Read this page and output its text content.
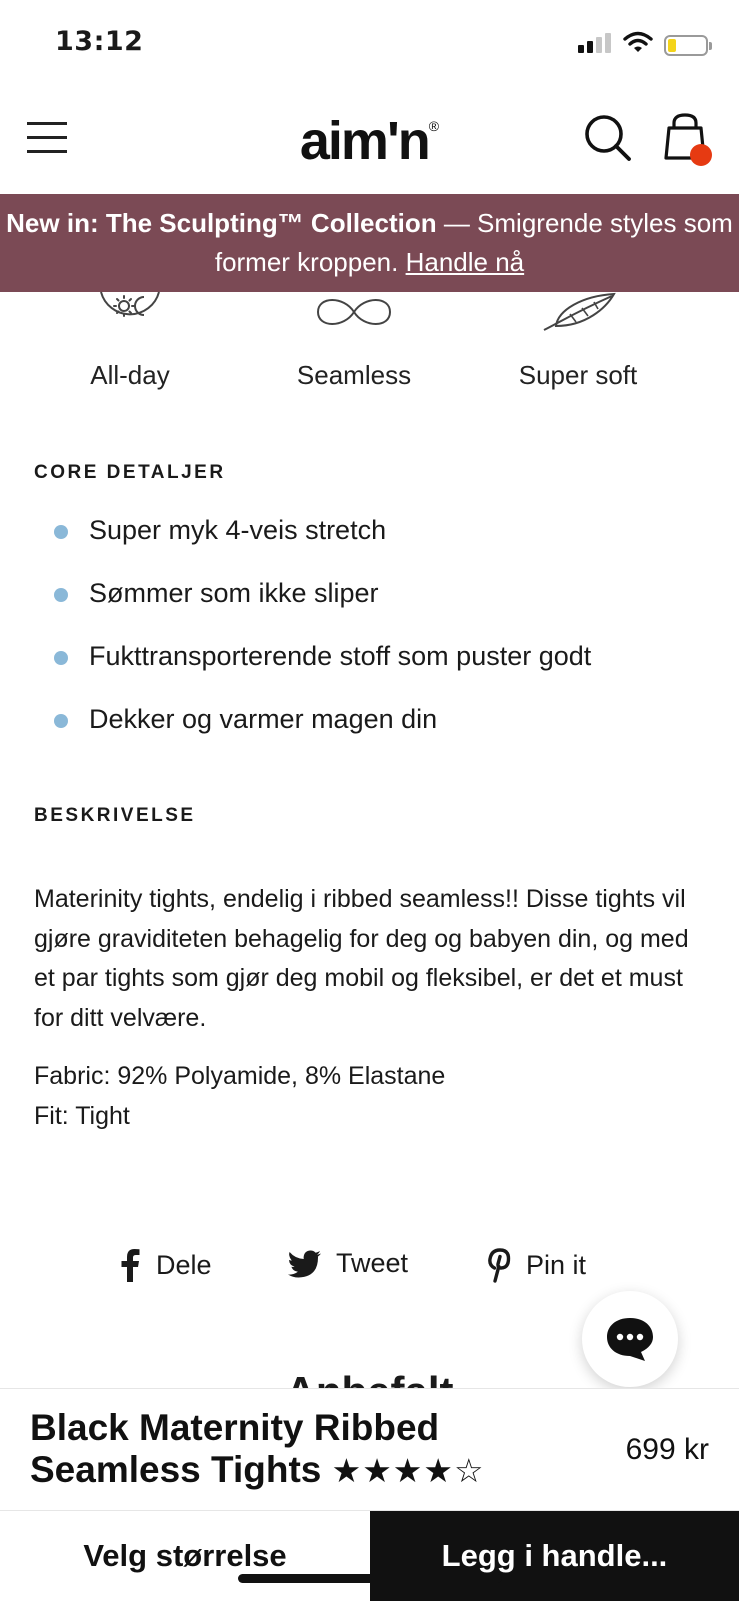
13:12
aim'n®
New in: The Sculpting™ Collection — Smigrende styles som former kroppen. Handle nå
All-day	Seamless	Super soft
CORE DETALJER
Super myk 4-veis stretch
Sømmer som ikke sliper
Fukttransporterende stoff som puster godt
Dekker og varmer magen din
BESKRIVELSE

Materinity tights, endelig i ribbed seamless!! Disse tights vil gjøre graviditeten behagelig for deg og babyen din, og med et par tights som gjør deg mobil og fleksibel, er det et must for ditt velvære.

Fabric: 92% Polyamide, 8% Elastane
Fit: Tight
Dele	Tweet	Pin it
Black Maternity Ribbed Seamless Tights ★★★★☆
699 kr
Velg størrelse	Legg i handle...
